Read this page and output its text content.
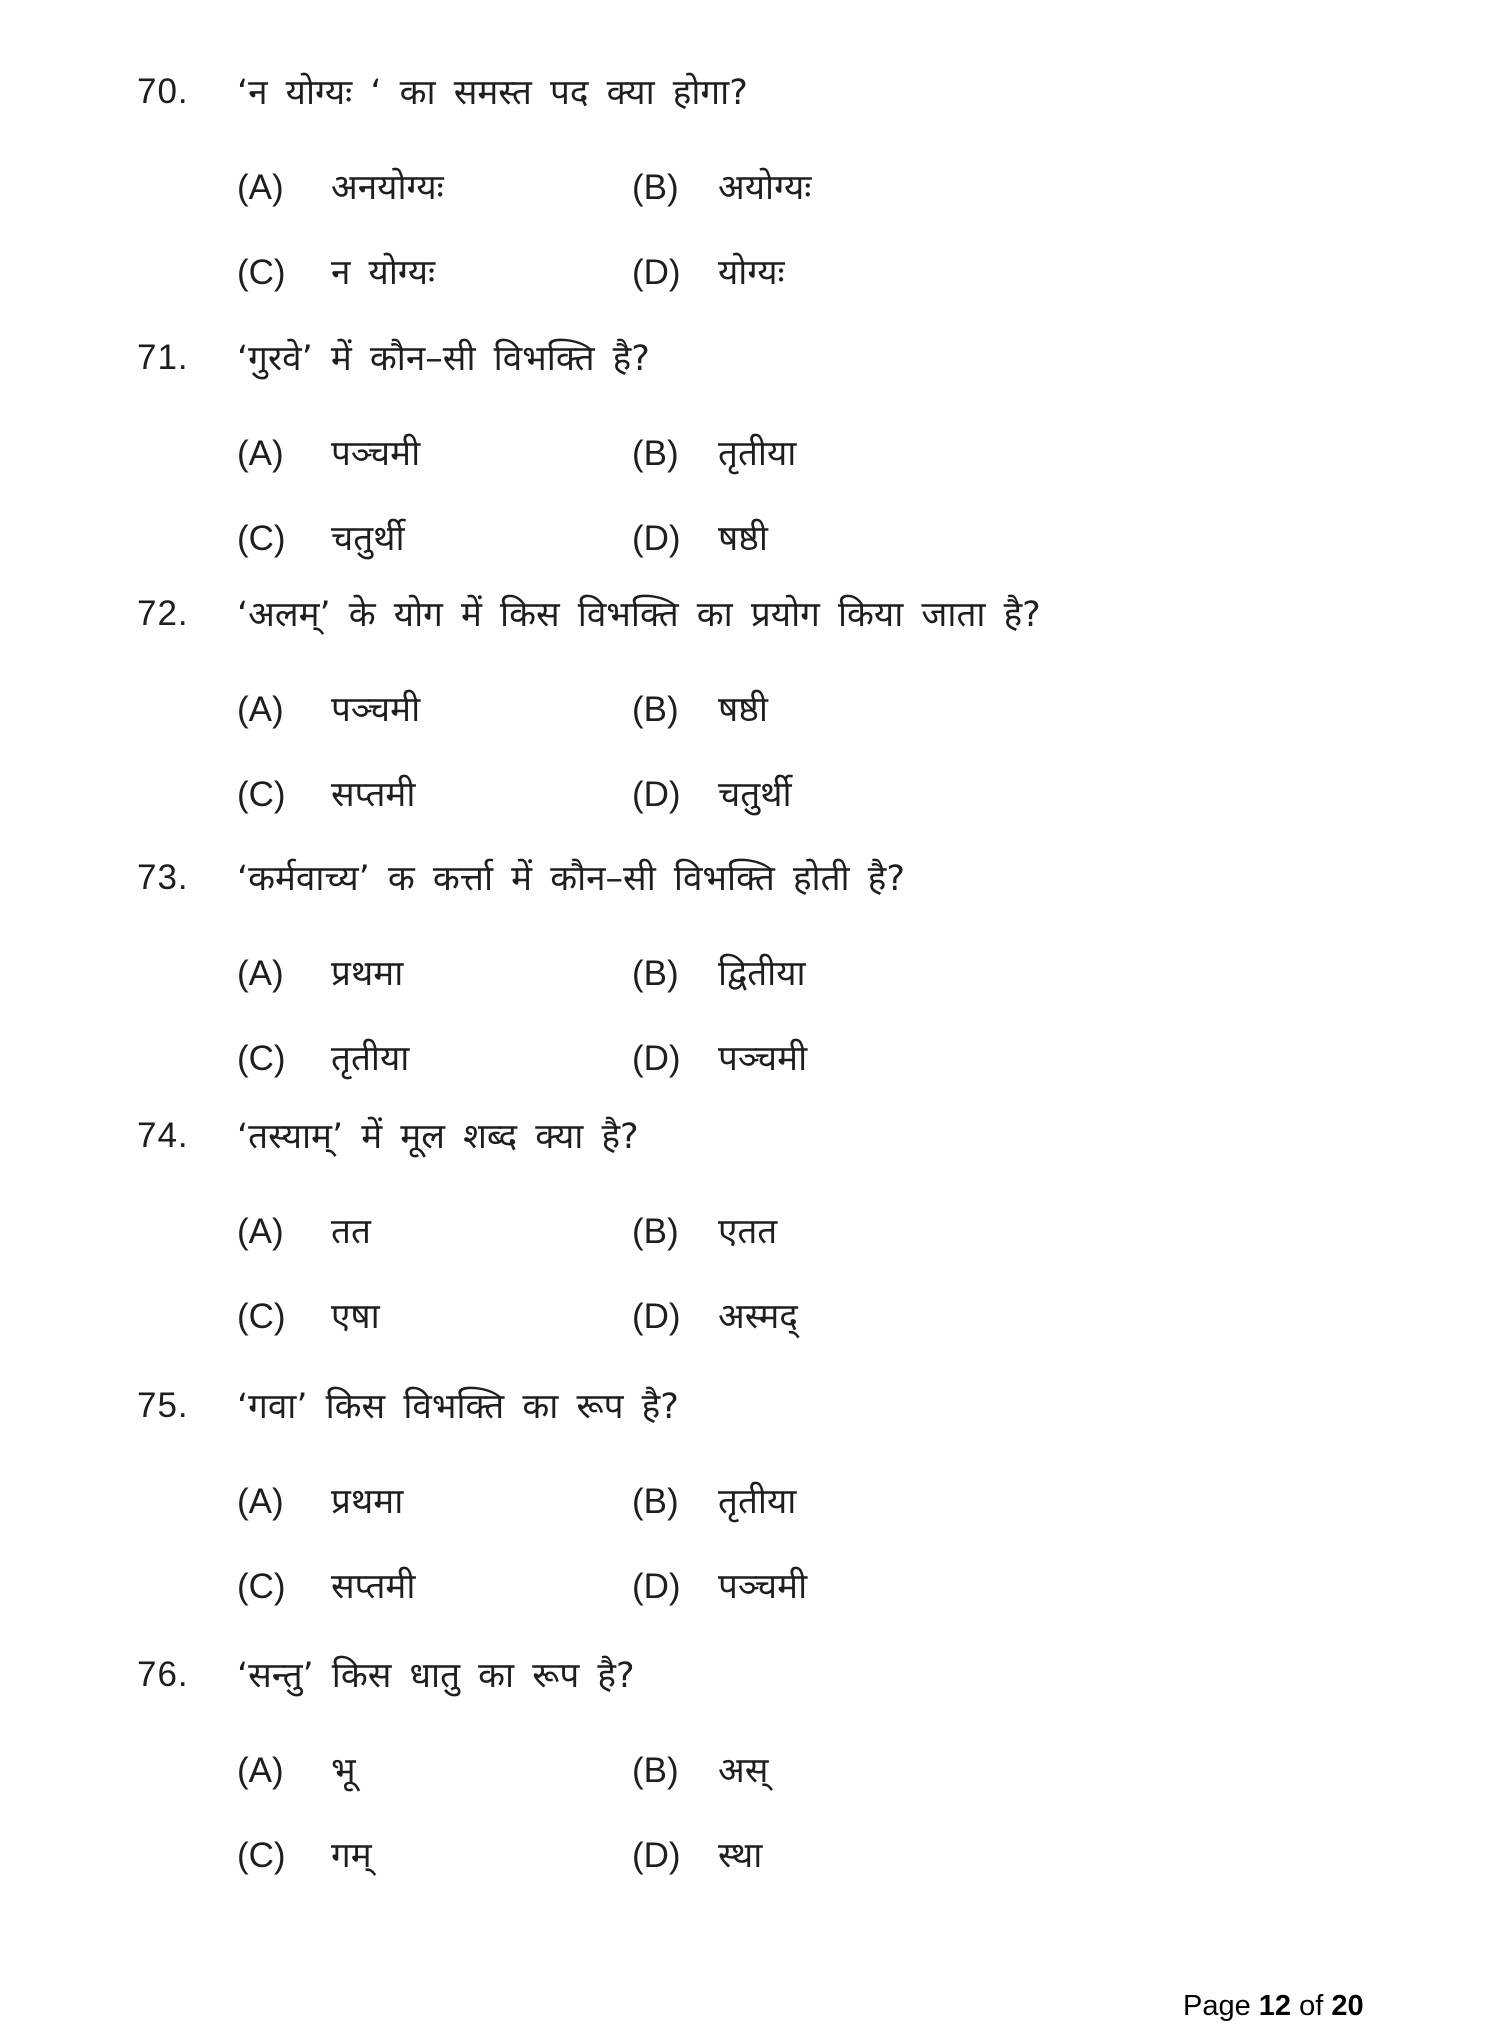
70.	‘न योग्यः ‘ का समस्त पद क्या होगा?
(A) अनयोग्यः	(B) अयोग्यः
(C) न योग्यः	(D) योग्यः
71.	‘गुरवे’ में कौन–सी विभक्ति है?
(A) पञ्चमी	(B) तृतीया
(C) चतुर्थी	(D) षष्ठी
72.	‘अलम्’ के योग में किस विभक्ति का प्रयोग किया जाता है?
(A) पञ्चमी	(B) षष्ठी
(C) सप्तमी	(D) चतुर्थी
73.	‘कर्मवाच्य’ क कर्त्ता में कौन–सी विभक्ति होती है?
(A) प्रथमा	(B) द्वितीया
(C) तृतीया	(D) पञ्चमी
74.	‘तस्याम्’ में मूल शब्द क्या है?
(A) तत	(B) एतत
(C) एषा	(D) अस्मद्
75.	‘गवा’ किस विभक्ति का रूप है?
(A) प्रथमा	(B) तृतीया
(C) सप्तमी	(D) पञ्चमी
76.	‘सन्तु’ किस धातु का रूप है?
(A) भू	(B) अस्
(C) गम्	(D) स्था
Page 12 of 20
